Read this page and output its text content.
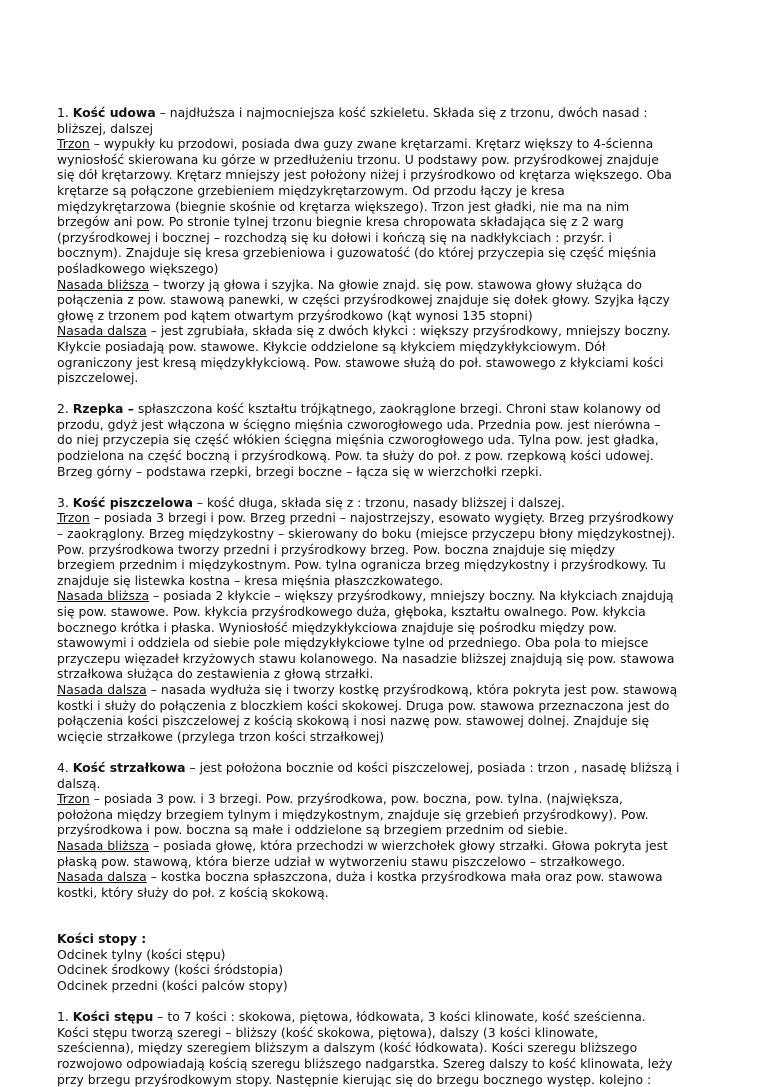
1. Kość udowa – najdłuższa i najmocniejsza kość szkieletu. Składa się z trzonu, dwóch nasad :
bliższej, dalszej
Trzon – wypukły ku przodowi, posiada dwa guzy zwane krętarzami. Krętarz większy to 4-ścienna
wyniosłość skierowana ku górze w przedłużeniu trzonu. U podstawy pow. przyśrodkowej znajduje
się dół krętarzowy. Krętarz mniejszy jest położony niżej i przyśrodkowo od krętarza większego. Oba
krętarze są połączone grzebieniem międzykrętarzowym. Od przodu łączy je kresa
międzykrętarzowa (biegnie skośnie od krętarza większego). Trzon jest gładki, nie ma na nim
brzegów ani pow. Po stronie tylnej trzonu biegnie kresa chropowata składająca się z 2 warg
(przyśrodkowej i bocznej – rozchodzą się ku dołowi i kończą się na nadkłykciach : przyśr. i
bocznym). Znajduje się kresa grzebieniowa i guzowatość (do której przyczepia się część mięśnia
pośladkowego większego)
Nasada bliższa – tworzy ją głowa i szyjka. Na głowie znajd. się pow. stawowa głowy służąca do
połączenia z pow. stawową panewki, w części przyśrodkowej znajduje się dołek głowy. Szyjka łączy
głowę z trzonem pod kątem otwartym przyśrodkowo (kąt wynosi 135 stopni)
Nasada dalsza – jest zgrubiała, składa się z dwóch kłykci : większy przyśrodkowy, mniejszy boczny.
Kłykcie posiadają pow. stawowe. Kłykcie oddzielone są kłykciem międzykłykciowym. Dół
ograniczony jest kresą międzykłykciową. Pow. stawowe służą do poł. stawowego z kłykciami kości
piszczelowej.
2. Rzepka – spłaszczona kość kształtu trójkątnego, zaokrąglone brzegi. Chroni staw kolanowy od
przodu, gdyż jest włączona w ścięgno mięśnia czworogłowego uda. Przednia pow. jest nierówna –
do niej przyczepia się część włókien ścięgna mięśnia czworogłowego uda. Tylna pow. jest gładka,
podzielona na część boczną i przyśrodkową. Pow. ta służy do poł. z pow. rzepkową kości udowej.
Brzeg górny – podstawa rzepki, brzegi boczne – łącza się w wierzchołki rzepki.
3. Kość piszczelowa – kość długa, składa się z : trzonu, nasady bliższej i dalszej.
Trzon – posiada 3 brzegi i pow. Brzeg przedni – najostrzejszy, esowato wygięty. Brzeg przyśrodkowy
– zaokrąglony. Brzeg międzykostny – skierowany do boku (miejsce przyczepu błony międzykostnej).
Pow. przyśrodkowa tworzy przedni i przyśrodkowy brzeg. Pow. boczna znajduje się między
brzegiem przednim i międzykostnym. Pow. tylna ogranicza brzeg międzykostny i przyśrodkowy. Tu
znajduje się listewka kostna – kresa mięśnia płaszczkowatego.
Nasada bliższa – posiada 2 kłykcie – większy przyśrodkowy, mniejszy boczny. Na kłykciach znajdują
się pow. stawowe. Pow. kłykcia przyśrodkowego duża, głęboka, kształtu owalnego. Pow. kłykcia
bocznego krótka i płaska. Wyniosłość międzykłykciowa znajduje się pośrodku między pow.
stawowymi i oddziela od siebie pole międzykłykciowe tylne od przedniego. Oba pola to miejsce
przyczepu więzadeł krzyżowych stawu kolanowego. Na nasadzie bliższej znajdują się pow. stawowa
strzałkowa służąca do zestawienia z głową strzałki.
Nasada dalsza – nasada wydłuża się i tworzy kostkę przyśrodkową, która pokryta jest pow. stawową
kostki i służy do połączenia z bloczkiem kości skokowej. Druga pow. stawowa przeznaczona jest do
połączenia kości piszczelowej z kością skokową i nosi nazwę pow. stawowej dolnej. Znajduje się
wcięcie strzałkowe (przylega trzon kości strzałkowej)
4. Kość strzałkowa – jest położona bocznie od kości piszczelowej, posiada : trzon , nasadę bliższą i
dalszą.
Trzon – posiada 3 pow. i 3 brzegi. Pow. przyśrodkowa, pow. boczna, pow. tylna. (największa,
położona między brzegiem tylnym i międzykostnym, znajduje się grzebień przyśrodkowy). Pow.
przyśrodkowa i pow. boczna są małe i oddzielone są brzegiem przednim od siebie.
Nasada bliższa – posiada głowę, która przechodzi w wierzchołek głowy strzałki. Głowa pokryta jest
płaską pow. stawową, która bierze udział w wytworzeniu stawu piszczelowo – strzałkowego.
Nasada dalsza – kostka boczna spłaszczona, duża i kostka przyśrodkowa mała oraz pow. stawowa
kostki, który służy do poł. z kością skokową.
Kości stopy :
Odcinek tylny (kości stępu)
Odcinek środkowy (kości śródstopia)
Odcinek przedni (kości palców stopy)
1. Kości stępu – to 7 kości : skokowa, piętowa, łódkowata, 3 kości klinowate, kość sześcienna.
Kości stępu tworzą szeregi – bliższy (kość skokowa, piętowa), dalszy (3 kości klinowate,
sześcienna), między szeregiem bliższym a dalszym (kość łódkowata). Kości szeregu bliższego
rozwojowo odpowiadają kością szeregu bliższego nadgarstka. Szereg dalszy to kość klinowata, leży
przy brzegu przyśrodkowym stopy. Następnie kierując się do brzegu bocznego występ. kolejno :
